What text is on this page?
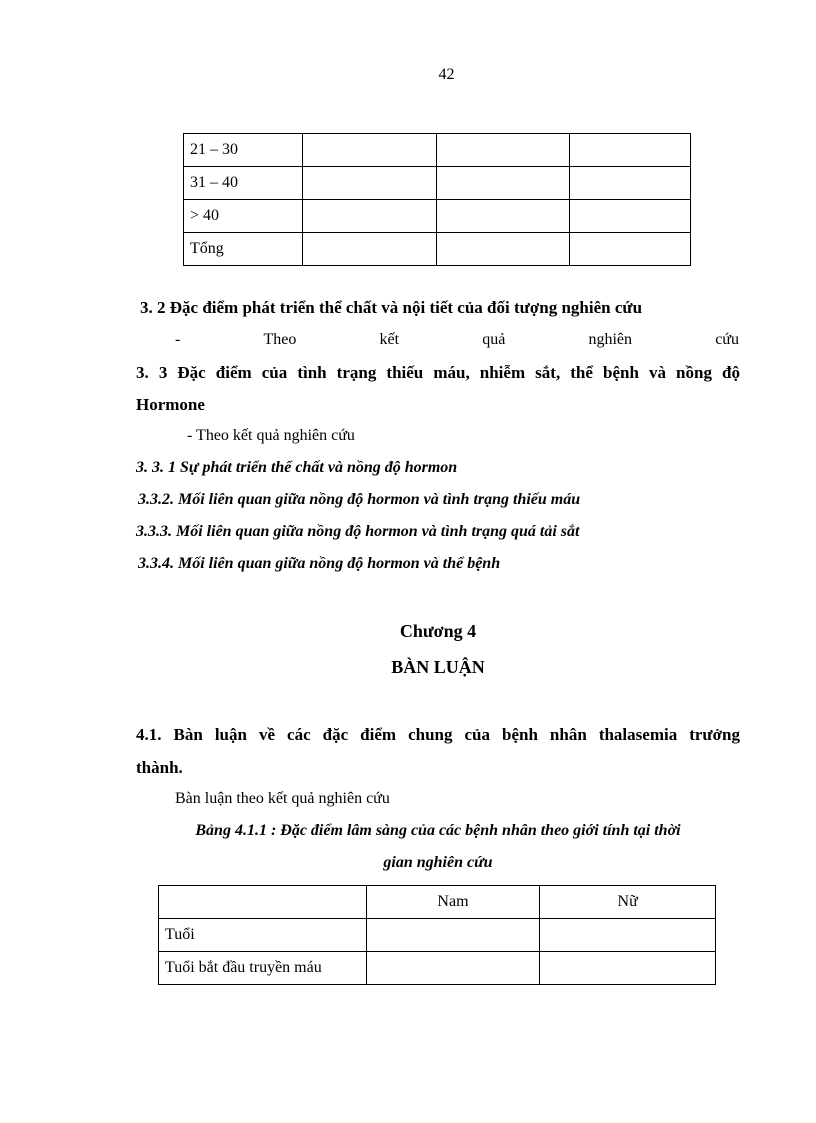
42
21 – 30			
31 – 40			
> 40			
Tổng			
3. 2 Đặc điểm phát triển thể chất và nội tiết của đối tượng nghiên cứu
-	Theo	kết	quả	nghiên	cứu
3. 3 Đặc điểm của tình trạng thiếu máu, nhiễm sắt, thể bệnh và nồng độ
Hormone
- Theo kết quả nghiên cứu
3. 3. 1 Sự phát triển thể chất và nồng độ hormon
3.3.2. Mối liên quan giữa nồng độ hormon và tình trạng thiếu máu
3.3.3. Mối liên quan giữa nồng độ hormon và tình trạng quá tải sắt
3.3.4. Mối liên quan giữa nồng độ hormon và thể bệnh
Chương 4
BÀN LUẬN
4.1. Bàn luận về các đặc điểm chung của bệnh nhân thalasemia trưởng
thành.
Bàn luận theo kết quả nghiên cứu
Bảng 4.1.1 : Đặc điểm lâm sàng của các bệnh nhân theo giới tính tại thời
gian nghiên cứu
	Nam	Nữ
Tuổi		
Tuổi bắt đầu truyền máu		
